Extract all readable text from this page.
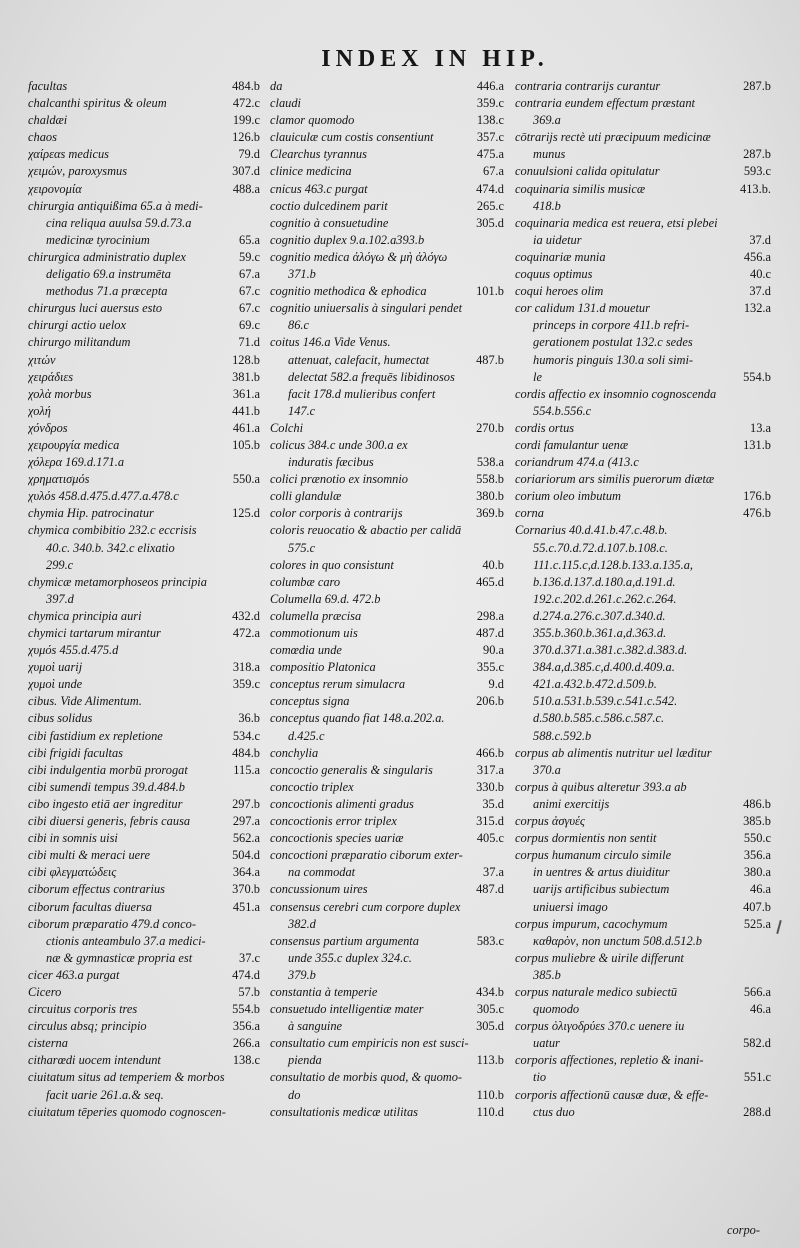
INDEX IN HIP.
facultas	484.b
chalcanthi spiritus & oleum	472.c
chaldæi	199.c
chaos	126.b
χαίρεαs medicus	79.d
χειμών, paroxysmus	307.d
χειρονομία	488.a
chirurgia antiquißima 65.a à medi-
cina reliqua auulsa 59.d.73.a
medicinæ tyrocinium	65.a
chirurgica administratio duplex	59.c
deligatio 69.a instrumēta	67.a
methodus 71.a præcepta	67.c
chirurgus luci auersus esto	67.c
chirurgi actio uelox	69.c
chirurgo militandum	71.d
χιτών	128.b
χειράδιεs	381.b
χολὰ morbus	361.a
χολή	441.b
χόνδροs	461.a
χειρουργία medica	105.b
χόλερα 169.d.171.a
χρηματισμόs	550.a
χυλόs 458.d.475.d.477.a.478.c
chymia Hip. patrocinatur	125.d
chymica combibitio 232.c eccrisis
40.c. 340.b. 342.c elixatio
299.c
chymicæ metamorphoseos principia
397.d
chymica principia auri	432.d
chymici tartarum mirantur	472.a
χυμόs 455.d.475.d
χυμοὶ uarij	318.a
χυμοὶ unde	359.c
cibus. Vide Alimentum.
cibus solidus	36.b
cibi fastidium ex repletione	534.c
cibi frigidi facultas	484.b
cibi indulgentia morbū prorogat	115.a
cibi sumendi tempus 39.d.484.b
cibo ingesto etiā aer ingreditur	297.b
cibi diuersi generis, febris causa	297.a
cibi in somnis uisi	562.a
cibi multi & meraci uere	504.d
cibi φλεγματώδεις	364.a
ciborum effectus contrarius	370.b
ciborum facultas diuersa	451.a
ciborum præparatio 479.d conco-
ctionis anteambulo 37.a medici-
næ & gymnasticæ propria est	37.c
cicer 463.a purgat	474.d
Cicero	57.b
circuitus corporis tres	554.b
circulus absq; principio	356.a
cisterna	266.a
citharœdi uocem intendunt	138.c
ciuitatum situs ad temperiem & morbos
facit uarie 261.a.& seq.
ciuitatum tēperies quomodo cognoscen-
da	446.a
claudi	359.c
clamor quomodo	138.c
clauiculæ cum costis consentiunt	357.c
Clearchus tyrannus	475.a
clinice medicina	67.a
cnicus 463.c purgat	474.d
coctio dulcedinem parit	265.c
cognitio à consuetudine	305.d
cognitio duplex 9.a.102.a393.b
cognitio medica ἀλόγω & μὴ ἀλόγω
371.b
cognitio methodica & ephodica	101.b
cognitio uniuersalis à singulari pendet
86.c
coitus 146.a Vide Venus.
attenuat, calefacit, humectat	487.b
delectat 582.a frequēs libidinosos
facit 178.d mulieribus confert
147.c
Colchi	270.b
colicus 384.c unde 300.a ex
induratis fæcibus	538.a
colici prænotio ex insomnio	558.b
colli glandulæ	380.b
color corporis à contrarijs	369.b
coloris reuocatio & abactio per calidā
575.c
colores in quo consistunt	40.b
columbæ caro	465.d
Columella 69.d. 472.b
columella præcisa	298.a
commotionum uis	487.d
comœdia unde	90.a
compositio Platonica	355.c
conceptus rerum simulacra	9.d
conceptus signa	206.b
conceptus quando fiat 148.a.202.a.
d.425.c
conchylia	466.b
concoctio generalis & singularis	317.a
concoctio triplex	330.b
concoctionis alimenti gradus	35.d
concoctionis error triplex	315.d
concoctionis species uariæ	405.c
concoctioni præparatio ciborum exter-
na commodat	37.a
concussionum uires	487.d
consensus cerebri cum corpore duplex
382.d
consensus partium argumenta	583.c
unde 355.c duplex 324.c.
379.b
constantia à temperie	434.b
consuetudo intelligentiæ mater	305.c
à sanguine	305.d
consultatio cum empiricis non est susci-
pienda	113.b
consultatio de morbis quod, & quomo-
do	110.b
consultationis medicæ utilitas	110.d
contraria contrarijs curantur	287.b
contraria eundem effectum præstant
369.a
cōtrarijs rectè uti præcipuum medicinæ
munus	287.b
conuulsioni calida opitulatur	593.c
coquinaria similis musicæ	413.b.
418.b
coquinaria medica est reuera, etsi plebei
ia uidetur	37.d
coquinariæ munia	456.a
coquus optimus	40.c
coqui heroes olim	37.d
cor calidum 131.d mouetur	132.a
princeps in corpore 411.b refri-
gerationem postulat 132.c sedes
humoris pinguis 130.a soli simi-
le	554.b
cordis affectio ex insomnio cognoscenda
554.b.556.c
cordis ortus	13.a
cordi famulantur uenæ	131.b
coriandrum 474.a (413.c
coriariorum ars similis puerorum diætæ
corium oleo imbutum	176.b
corna	476.b
Cornarius 40.d.41.b.47.c.48.b.
55.c.70.d.72.d.107.b.108.c.
111.c.115.c,d.128.b.133.a.135.a,
b.136.d.137.d.180.a,d.191.d.
192.c.202.d.261.c.262.c.264.
d.274.a.276.c.307.d.340.d.
355.b.360.b.361.a,d.363.d.
370.d.371.a.381.c.382.d.383.d.
384.a,d.385.c,d.400.d.409.a.
421.a.432.b.472.d.509.b.
510.a.531.b.539.c.541.c.542.
d.580.b.585.c.586.c.587.c.
588.c.592.b
corpus ab alimentis nutritur uel læditur
370.a
corpus à quibus alteretur 393.a ab
animi exercitijs	486.b
corpus ἀσγυές	385.b
corpus dormientis non sentit	550.c
corpus humanum circulo simile	356.a
in uentres & artus diuiditur	380.a
uarijs artificibus subiectum	46.a
uniuersi imago	407.b
corpus impurum, cacochymum	525.a
καθαρὸν, non unctum 508.d.512.b
corpus muliebre & uirile differunt
385.b
corpus naturale medico subiectū	566.a
quomodo	46.a
corpus ὀλιγοδρύεs 370.c uenere iu
uatur	582.d
corporis affectiones, repletio & inani-
tio	551.c
corporis affectionū causæ duæ, & effe-
ctus duo	288.d
corpo-
